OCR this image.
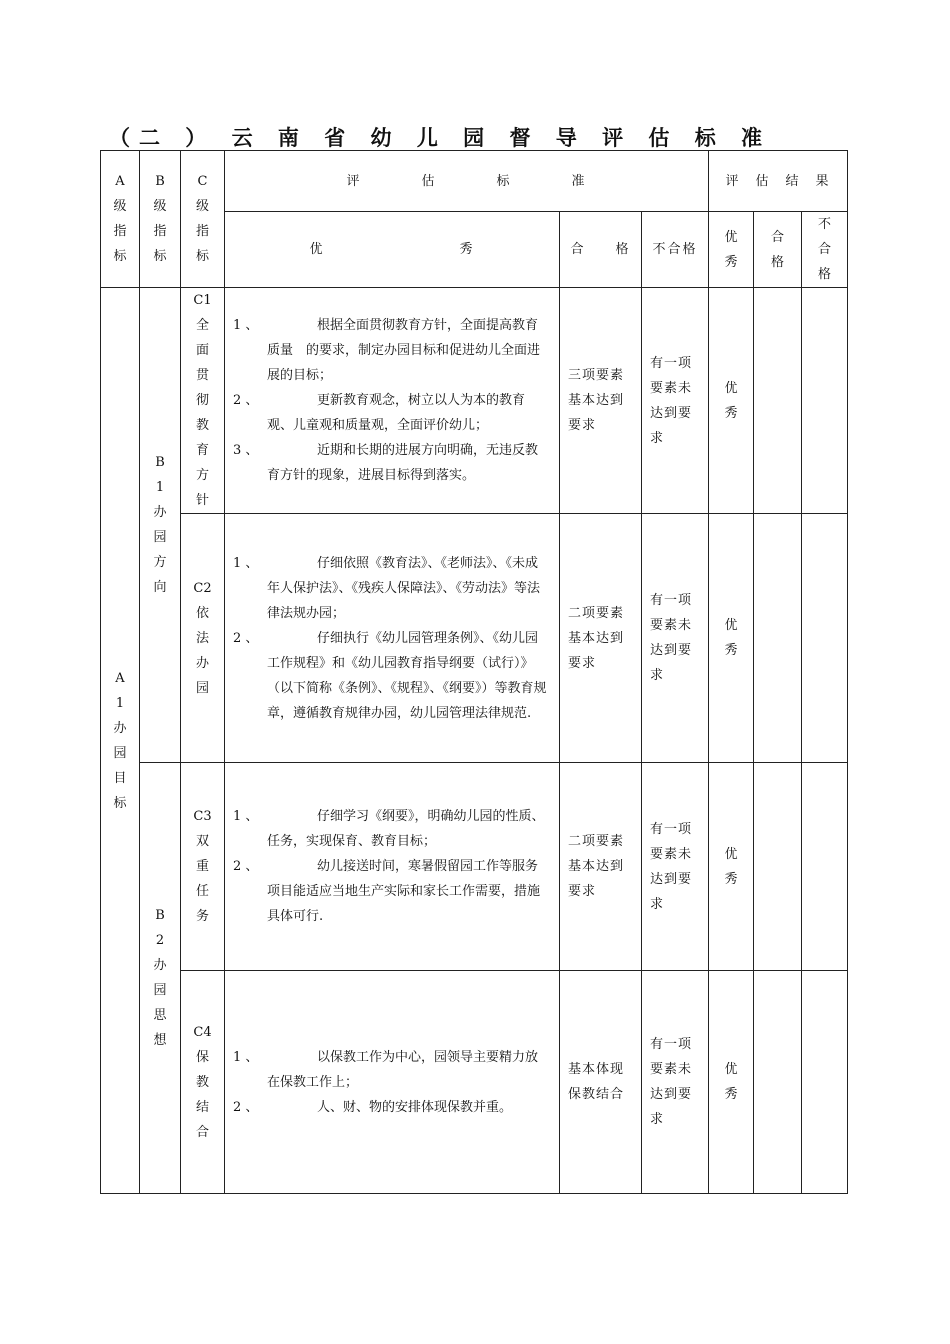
（二 ） 云 南 省 幼 儿 园 督 导 评 估 标 准
A级指标	B级指标	C级指标	评　　　　估　　　　标　　　　准			评　估　结　果		
			优　　　　　　　　　秀	合　　格	不合格	优秀	合格	不合格
A1办园目标	B1办园方向	C1全面贯彻教育方针	1 、 根据全面贯彻教育方针，全面提高教育质量　的要求，制定办园目标和促进幼儿全面进展的目标；

2 、 更新教育观念，树立以人为本的教育观、儿童观和质量观，全面评价幼儿；

3 、 近期和长期的进展方向明确，无违反教育方针的现象，进展目标得到落实。	三项要素基本达到要求	有一项要素未达到要求	优　秀		
		C2依法办园	1 、 仔细依照《教育法》、《老师法》、《未成年人保护法》、《残疾人保障法》、《劳动法》等法律法规办园；

2 、 仔细执行《幼儿园管理条例》、《幼儿园工作规程》和《幼儿园教育指导纲要（试行）》（以下简称《条例》、《规程》、《纲要》）等教育规章，遵循教育规律办园，幼儿园管理法律规范.	二项要素基本达到要求	有一项要素未达到要求	优　秀		
	B2办园思想	C3双重任务	1 、 仔细学习《纲要》，明确幼儿园的性质、任务，实现保育、教育目标；

2 、 幼儿接送时间，寒暑假留园工作等服务项目能适应当地生产实际和家长工作需要，措施具体可行.	二项要素基本达到要求	有一项要素未达到要求	优秀		
		C4保教结合	1 、 以保教工作为中心，园领导主要精力放在保教工作上；

2 、 人、财、物的安排体现保教并重。	基本体现保教结合	有一项要素未达到要求	优　秀		
